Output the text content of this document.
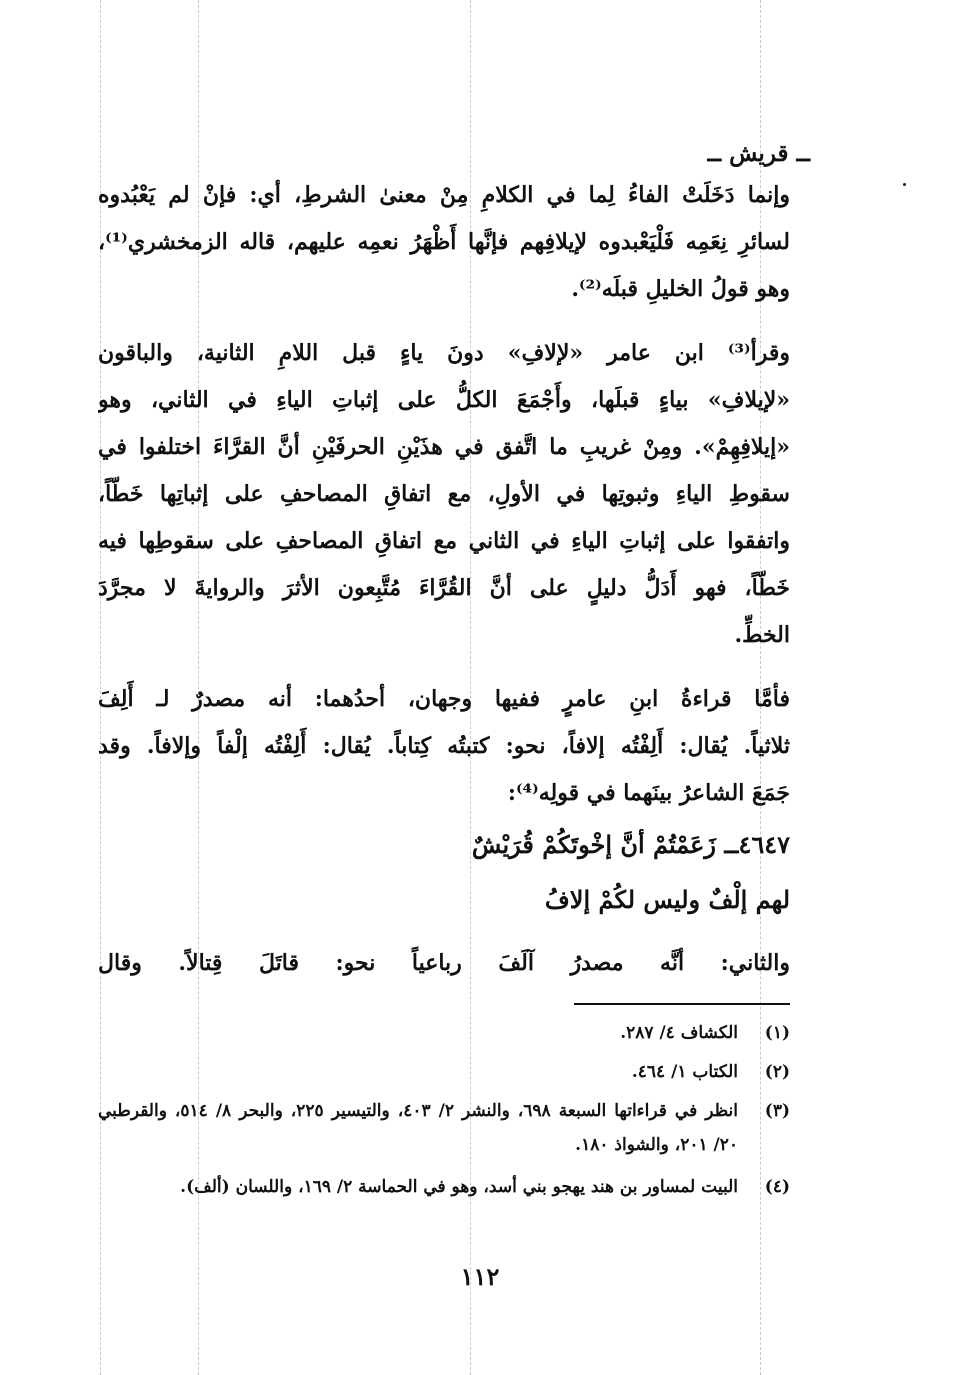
ــ قريش ــ
وإنما دَخَلَتْ الفاءُ لِما في الكلامِ مِنْ معنىٰ الشرطِ، أي: فإنْ لم يَعْبُدوه
لسائرِ نِعَمِه فَلْيَعْبدوه لإيلافِهم فإنَّها أَظْهَرُ نعمِه عليهم، قاله الزمخشري⁽¹⁾،
وهو قولُ الخليلِ قبلَه⁽²⁾.
وقرأ⁽³⁾ ابن عامر «لإلافِ» دونَ ياءٍ قبل اللامِ الثانية، والباقون
«لإيلافِ» بياءٍ قبلَها، وأَجْمَعَ الكلُّ على إثباتِ الياءِ في الثاني، وهو
«إيلافِهِمْ». ومِنْ غريبِ ما اتَّفق في هذَيْنِ الحرفَيْنِ أنَّ القرَّاءَ اختلفوا في
سقوطِ الياءِ وثبوتِها في الأولِ، مع اتفاقِ المصاحفِ على إثباتِها خَطّاً،
واتفقوا على إثباتِ الياءِ في الثاني مع اتفاقِ المصاحفِ على سقوطِها فيه
خَطّاً، فهو أَدَلُّ دليلٍ على أنَّ القُرَّاءَ مُتَّبِعون الأثرَ والروايةَ لا مجرَّدَ
الخطِّ.
فأمَّا قراءةُ ابنِ عامرٍ ففيها وجهان، أحدُهما: أنه مصدرٌ لـ أَلِفَ
ثلاثياً. يُقال: أَلِفْتُه إلافاً، نحو: كتبتُه كِتاباً. يُقال: أَلِفْتُه إلْفاً وإلافاً. وقد
جَمَعَ الشاعرُ بينَهما في قولِه⁽⁴⁾:
٤٦٤٧ــ زَعَمْتُمْ أنَّ إخْوتَكُمْ قُرَيْشٌ
لهم إلْفٌ وليس لكُمْ إلافُ
والثاني: أنَّه مصدرُ آلَفَ رباعياً نحو: قاتَلَ قِتالاً. وقال
(١)
الكشاف ٤/ ٢٨٧.
(٢)
الكتاب ١/ ٤٦٤.
(٣)
انظر في قراءاتها السبعة ٦٩٨، والنشر ٢/ ٤٠٣، والتيسير ٢٢٥، والبحر ٨/ ٥١٤، والقرطبي ٢٠/ ٢٠١، والشواذ ١٨٠.
(٤)
البيت لمساور بن هند يهجو بني أسد، وهو في الحماسة ٢/ ١٦٩، واللسان (ألف).
١١٢
